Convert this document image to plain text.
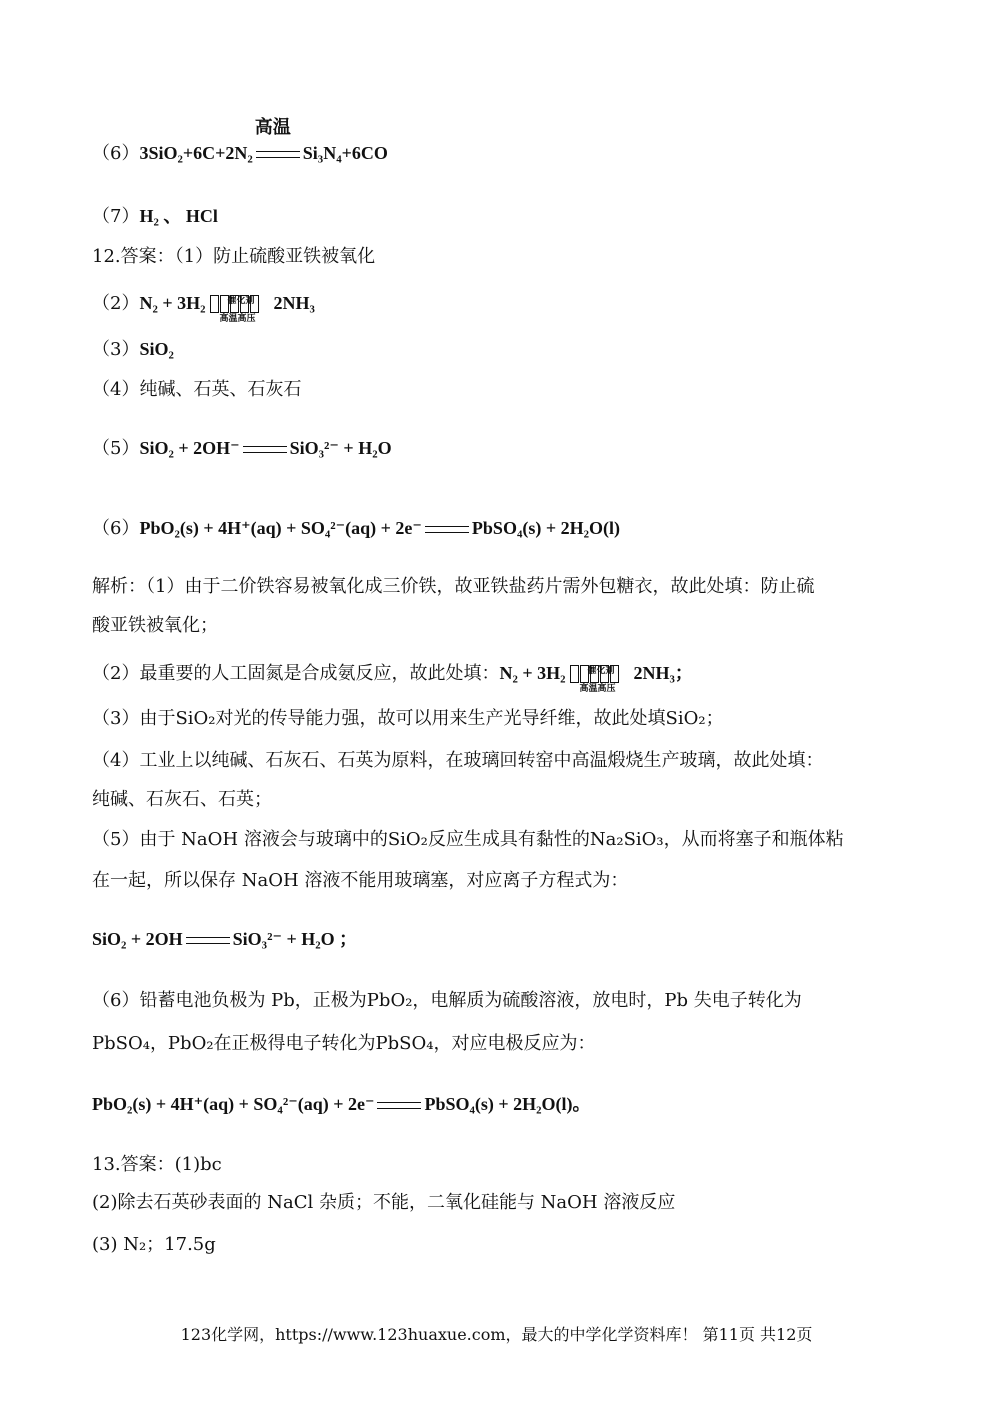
（6）3SiO₂+6C+2N₂
高温
Si₃N₄+6CO
（7）H₂ 、 HCl
12.答案：（1）防止硫酸亚铁被氧化
（2）N₂ + 3H₂ 催化剂
高温高压
2NH₃
（3）SiO₂
（4）纯碱、石英、石灰石
（5）SiO₂ + 2OH⁻	SiO₃²⁻ + H₂O
（6）PbO₂(s) + 4H⁺(aq) + SO₄²⁻(aq) + 2e⁻	PbSO₄(s) + 2H₂O(l)
解析：（1）由于二价铁容易被氧化成三价铁，故亚铁盐药片需外包糖衣，故此处填：防止硫
酸亚铁被氧化；
（2）最重要的人工固氮是合成氨反应，故此处填：N₂ + 3H₂ 催化剂
高温高压
2NH₃；
（3）由于SiO₂对光的传导能力强，故可以用来生产光导纤维，故此处填SiO₂；
（4）工业上以纯碱、石灰石、石英为原料，在玻璃回转窑中高温煅烧生产玻璃，故此处填：
纯碱、石灰石、石英；
（5）由于 NaOH 溶液会与玻璃中的SiO₂反应生成具有黏性的Na₂SiO₃，从而将塞子和瓶体粘
在一起，所以保存 NaOH 溶液不能用玻璃塞，对应离子方程式为：
SiO₂ + 2OH	SiO₃²⁻ + H₂O ；
（6）铅蓄电池负极为 Pb，正极为PbO₂，电解质为硫酸溶液，放电时，Pb 失电子转化为
PbSO₄，PbO₂在正极得电子转化为PbSO₄，对应电极反应为：
PbO₂(s) + 4H⁺(aq) + SO₄²⁻(aq) + 2e⁻	PbSO₄(s) + 2H₂O(l)。
13.答案：(1)bc
(2)除去石英砂表面的 NaCl 杂质；不能，二氧化硅能与 NaOH 溶液反应
(3) N₂；17.5g
123化学网，https://www.123huaxue.com，最大的中学化学资料库！ 第11页 共12页
